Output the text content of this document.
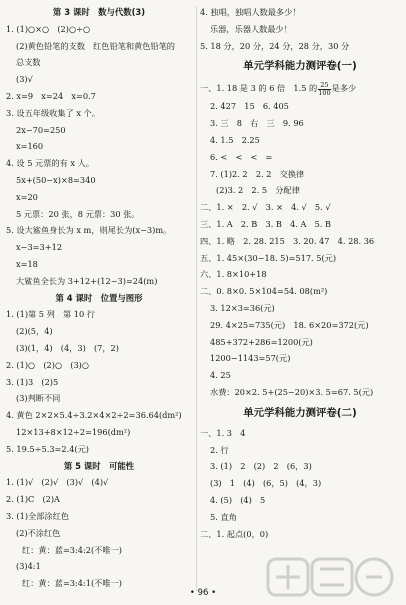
第 3 课时　数与代数(3)
1. (1)○×○　(2)○÷○
(2)黄色铅笔的支数　红色铅笔和黄色铅笔的
总支数
(3)√
2. x=9　x=24　x=0.7
3. 设五年级收集了 x 个。
2x−70=250
x=160
4. 设 5 元票的有 x 人。
5x+(50−x)×8=340
x=20
5 元票：20 张，8 元票：30 张。
5. 设大鲨鱼身长为 x m，则尾长为(x−3)m。
x−3=3+12
x=18
大鲨鱼全长为 3+12+(12−3)=24(m)
第 4 课时　位置与图形
1. (1)第 5 列　第 10 行
(2)(5，4)
(3)(1，4)　(4，3)　(7，2)
2. (1)○　(2)○　(3)○
3. (1)3　(2)5
(3)判断不同
4. 黄色 2×2×5.4÷3.2×4×2÷2=36.64(dm²)
12×13+8×12÷2=196(dm²)
5. 19.5÷5.3=2.4(元)
第 5 课时　可能性
1. (1)√　(2)√　(3)√　(4)√
2. (1)C　(2)A
3. (1)全部涂红色
(2)不涂红色
红：黄：蓝=3:4:2(不唯一)
(3)4:1
红：黄：蓝=3:4:1(不唯一)
4. 独唱，独唱人数最多少！
乐器，乐器人数最少！
5. 18 分，20 分，24 分，28 分，30 分
单元学科能力测评卷(一)
一、1. 18 是 3 的 6 倍　1.5 的 $\frac{25}{100}$ 是多少
2. 427　15　6. 405
3. 三　8　右　三　9. 96
4. 1.5　2.25
6. <　<　<　=
7. (1)2. 2　2. 2　交换律
(2)3. 2　2. 5　分配律
二、1. ×　2. √　3. ×　4. √　5. √
三、1. A　2. B　3. B　4. A　5. B
四、1. 略　2. 28. 215　3. 20. 47　4. 28. 36
五、1. 45×(30−18. 5)=517. 5(元)
六、1. 8×10+18
二、0. 8×0. 5×104=54. 08(m²)
3. 12×3=36(元)
29. 4×25=735(元)　18. 6×20=372(元)
485+372+286=1200(元)
1200−1143=57(元)
4. 25
水费：20×2. 5+(25−20)×3. 5=67. 5(元)
单元学科能力测评卷(二)
一、1. 3　4
2. 行
3. (1)　2　(2)　2　(6，3)
(3)　1　(4)　(6，5)　(4，3)
4. (5)　(4)　5
5. 直角
二、1. 起点(0，0)
• 96 •
